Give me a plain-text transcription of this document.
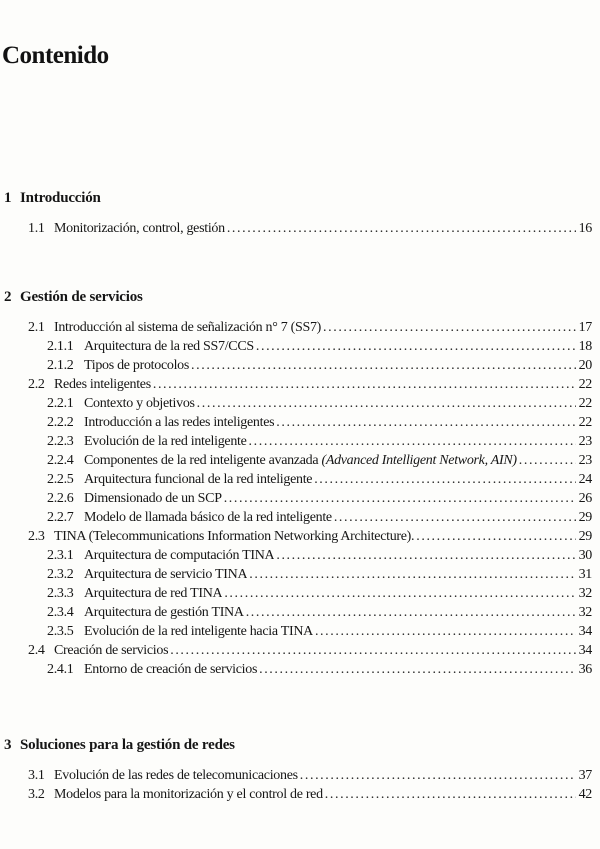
Contenido
1 Introducción
1.1 Monitorización, control, gestión .....	16
2 Gestión de servicios
2.1 Introducción al sistema de señalización n° 7 (SS7) .....	17
2.1.1 Arquitectura de la red SS7/CCS .....	18
2.1.2 Tipos de protocolos .....	20
2.2 Redes inteligentes .....	22
2.2.1 Contexto y objetivos .....	22
2.2.2 Introducción a las redes inteligentes .....	22
2.2.3 Evolución de la red inteligente .....	23
2.2.4 Componentes de la red inteligente avanzada (Advanced Intelligent Network, AIN) .....	23
2.2.5 Arquitectura funcional de la red inteligente .....	24
2.2.6 Dimensionado de un SCP .....	26
2.2.7 Modelo de llamada básico de la red inteligente .....	29
2.3 TINA (Telecommunications Information Networking Architecture). .....	29
2.3.1 Arquitectura de computación TINA .....	30
2.3.2 Arquitectura de servicio TINA .....	31
2.3.3 Arquitectura de red TINA .....	32
2.3.4 Arquitectura de gestión TINA .....	32
2.3.5 Evolución de la red inteligente hacia TINA .....	34
2.4 Creación de servicios .....	34
2.4.1 Entorno de creación de servicios .....	36
3 Soluciones para la gestión de redes
3.1 Evolución de las redes de telecomunicaciones .....	37
3.2 Modelos para la monitorización y el control de red .....	42
